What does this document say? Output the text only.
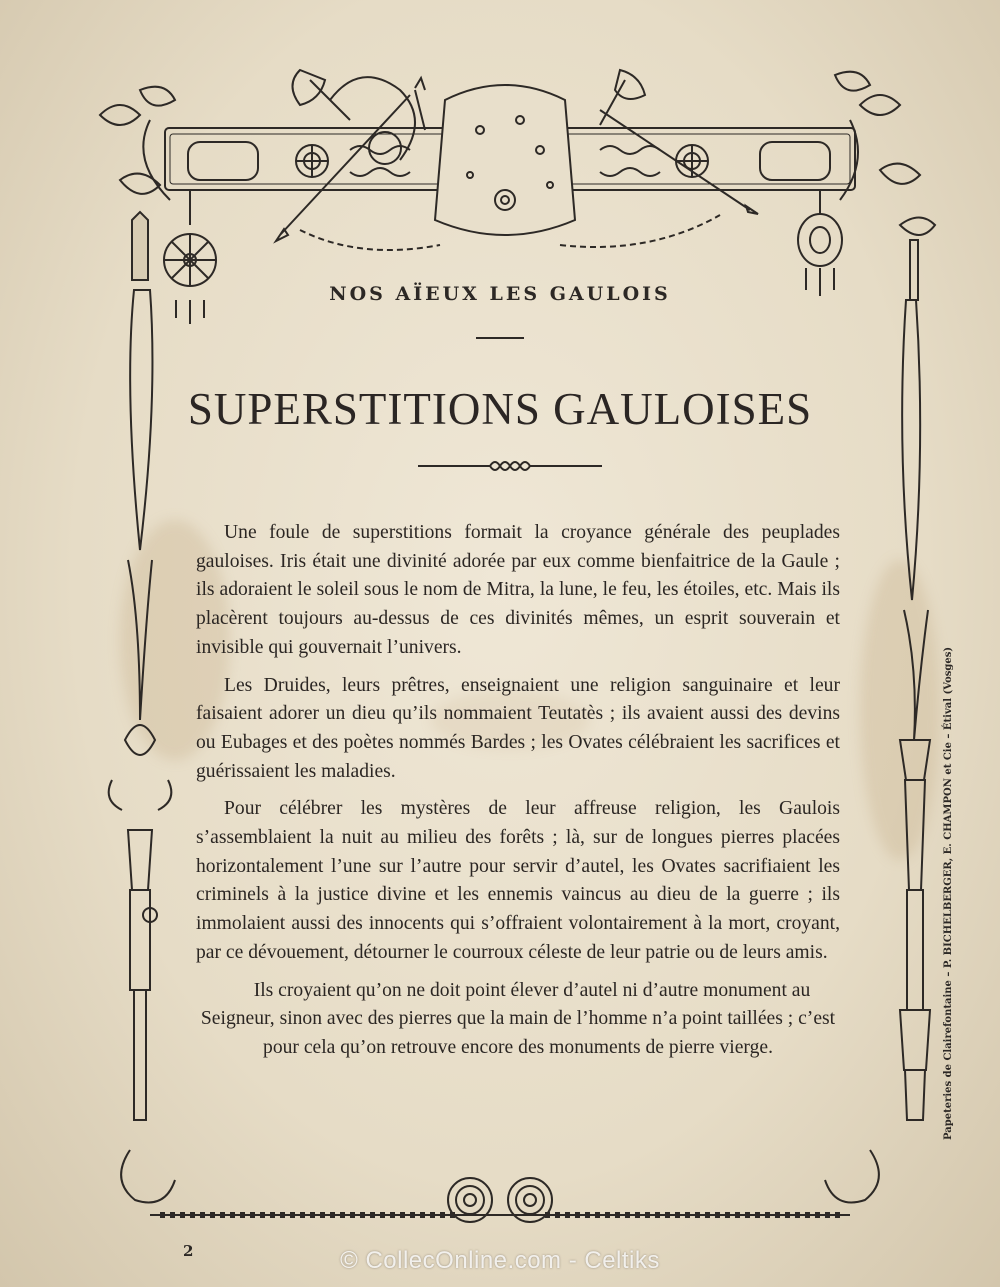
NOS AÏEUX LES GAULOIS
SUPERSTITIONS GAULOISES

Une foule de superstitions formait la croyance générale des peuplades gauloises. Iris était une divinité adorée par eux comme bienfaitrice de la Gaule ; ils adoraient le soleil sous le nom de Mitra, la lune, le feu, les étoiles, etc. Mais ils placèrent toujours au-dessus de ces divinités mêmes, un esprit souverain et invisible qui gouvernait l’univers.

Les Druides, leurs prêtres, enseignaient une religion sanguinaire et leur faisaient adorer un dieu qu’ils nommaient Teutatès ; ils avaient aussi des devins ou Eubages et des poètes nommés Bardes ; les Ovates célébraient les sacrifices et guérissaient les maladies.

Pour célébrer les mystères de leur affreuse religion, les Gaulois s’assemblaient la nuit au milieu des forêts ; là, sur de longues pierres placées horizontalement l’une sur l’autre pour servir d’autel, les Ovates sacrifiaient les criminels à la justice divine et les ennemis vaincus au dieu de la guerre ; ils immolaient aussi des innocents qui s’offraient volontairement à la mort, croyant, par ce dévouement, détourner le courroux céleste de leur patrie ou de leurs amis.

Ils croyaient qu’on ne doit point élever d’autel ni d’autre monument au Seigneur, sinon avec des pierres que la main de l’homme n’a point taillées ; c’est pour cela qu’on retrouve encore des monuments de pierre vierge.	Papeteries de Clairefontaine – P. BICHELBERGER, E. CHAMPON et Cie – Étival (Vosges)
2	© CollecOnline.com - Celtiks
